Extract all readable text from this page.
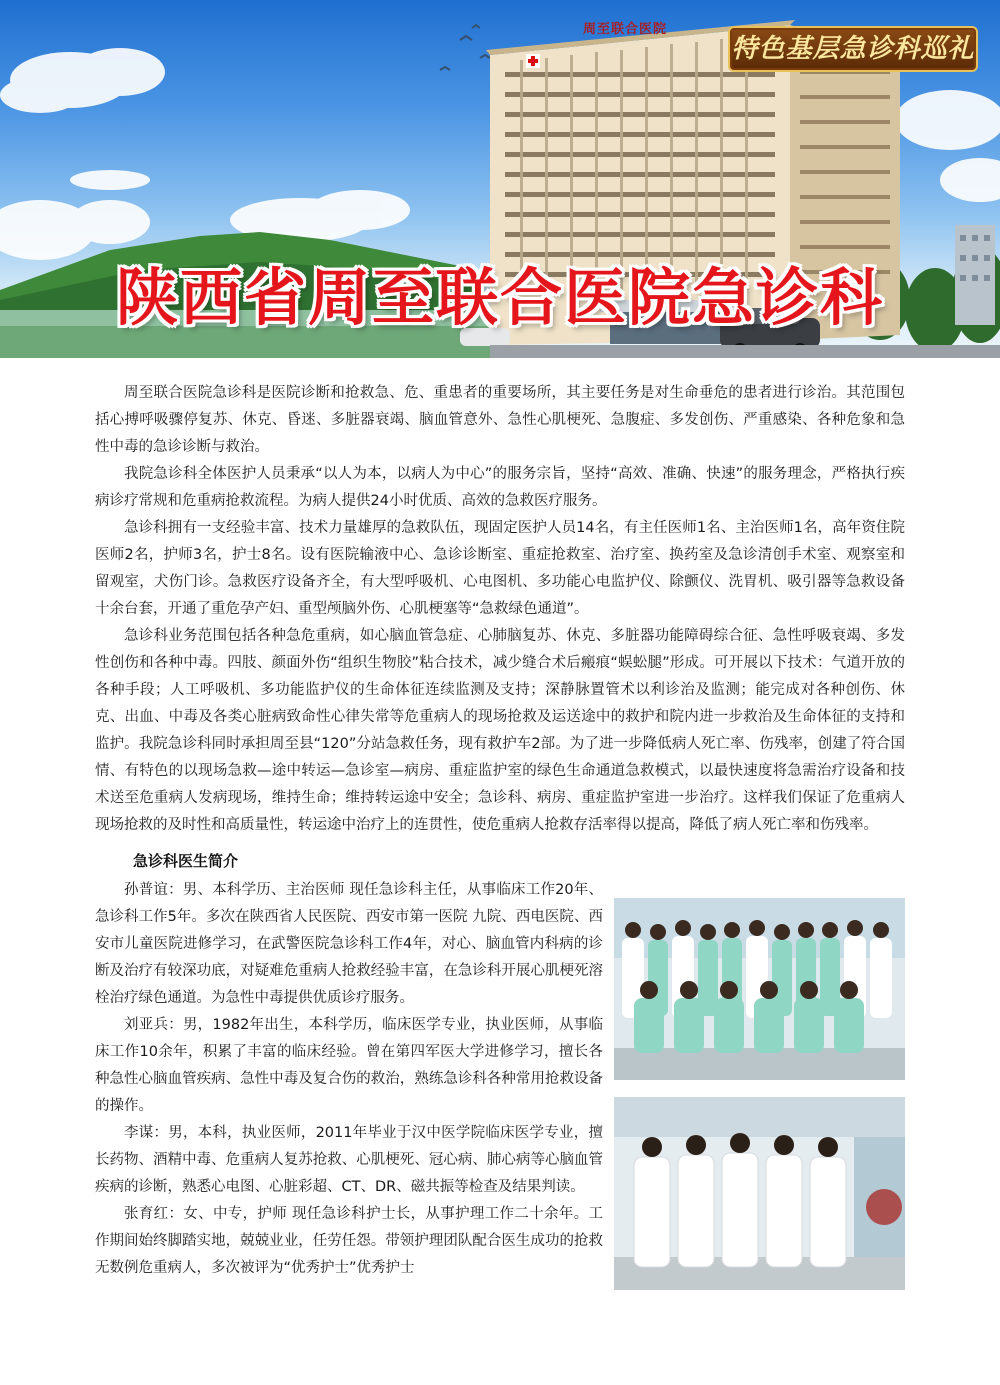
周至联合医院
特色基层急诊科巡礼
陕西省周至联合医院急诊科

周至联合医院急诊科是医院诊断和抢救急、危、重患者的重要场所，其主要任务是对生命垂危的患者进行诊治。其范围包括心搏呼吸骤停复苏、休克、昏迷、多脏器衰竭、脑血管意外、急性心肌梗死、急腹症、多发创伤、严重感染、各种危象和急性中毒的急诊诊断与救治。

我院急诊科全体医护人员秉承“以人为本，以病人为中心”的服务宗旨，坚持“高效、准确、快速”的服务理念，严格执行疾病诊疗常规和危重病抢救流程。为病人提供24小时优质、高效的急救医疗服务。

急诊科拥有一支经验丰富、技术力量雄厚的急救队伍，现固定医护人员14名，有主任医师1名、主治医师1名，高年资住院医师2名，护师3名，护士8名。设有医院输液中心、急诊诊断室、重症抢救室、治疗室、换药室及急诊清创手术室、观察室和留观室，犬伤门诊。急救医疗设备齐全，有大型呼吸机、心电图机、多功能心电监护仪、除颤仪、洗胃机、吸引器等急救设备十余台套，开通了重危孕产妇、重型颅脑外伤、心肌梗塞等“急救绿色通道”。

急诊科业务范围包括各种急危重病，如心脑血管急症、心肺脑复苏、休克、多脏器功能障碍综合征、急性呼吸衰竭、多发性创伤和各种中毒。四肢、颜面外伤“组织生物胶”粘合技术，减少缝合术后瘢痕“蜈蚣腿”形成。可开展以下技术：气道开放的各种手段；人工呼吸机、多功能监护仪的生命体征连续监测及支持；深静脉置管术以利诊治及监测；能完成对各种创伤、休克、出血、中毒及各类心脏病致命性心律失常等危重病人的现场抢救及运送途中的救护和院内进一步救治及生命体征的支持和监护。我院急诊科同时承担周至县“120”分站急救任务，现有救护车2部。为了进一步降低病人死亡率、伤残率，创建了符合国情、有特色的以现场急救—途中转运—急诊室—病房、重症监护室的绿色生命通道急救模式，以最快速度将急需治疗设备和技术送至危重病人发病现场，维持生命；维持转运途中安全；急诊科、病房、重症监护室进一步治疗。这样我们保证了危重病人现场抢救的及时性和高质量性，转运途中治疗上的连贯性，使危重病人抢救存活率得以提高，降低了病人死亡率和伤残率。

急诊科医生简介

孙普谊：男、本科学历、主治医师 现任急诊科主任，从事临床工作20年、急诊科工作5年。多次在陕西省人民医院、西安市第一医院 九院、西电医院、西安市儿童医院进修学习，在武警医院急诊科工作4年，对心、脑血管内科病的诊断及治疗有较深功底，对疑难危重病人抢救经验丰富，在急诊科开展心肌梗死溶栓治疗绿色通道。为急性中毒提供优质诊疗服务。

刘亚兵：男，1982年出生，本科学历，临床医学专业，执业医师，从事临床工作10余年，积累了丰富的临床经验。曾在第四军医大学进修学习，擅长各种急性心脑血管疾病、急性中毒及复合伤的救治，熟练急诊科各种常用抢救设备的操作。

李谋：男，本科，执业医师，2011年毕业于汉中医学院临床医学专业，擅长药物、酒精中毒、危重病人复苏抢救、心肌梗死、冠心病、肺心病等心脑血管疾病的诊断，熟悉心电图、心脏彩超、CT、DR、磁共振等检查及结果判读。

张育红：女、中专，护师 现任急诊科护士长，从事护理工作二十余年。工作期间始终脚踏实地，兢兢业业，任劳任怨。带领护理团队配合医生成功的抢救无数例危重病人，多次被评为“优秀护士”优秀护士
